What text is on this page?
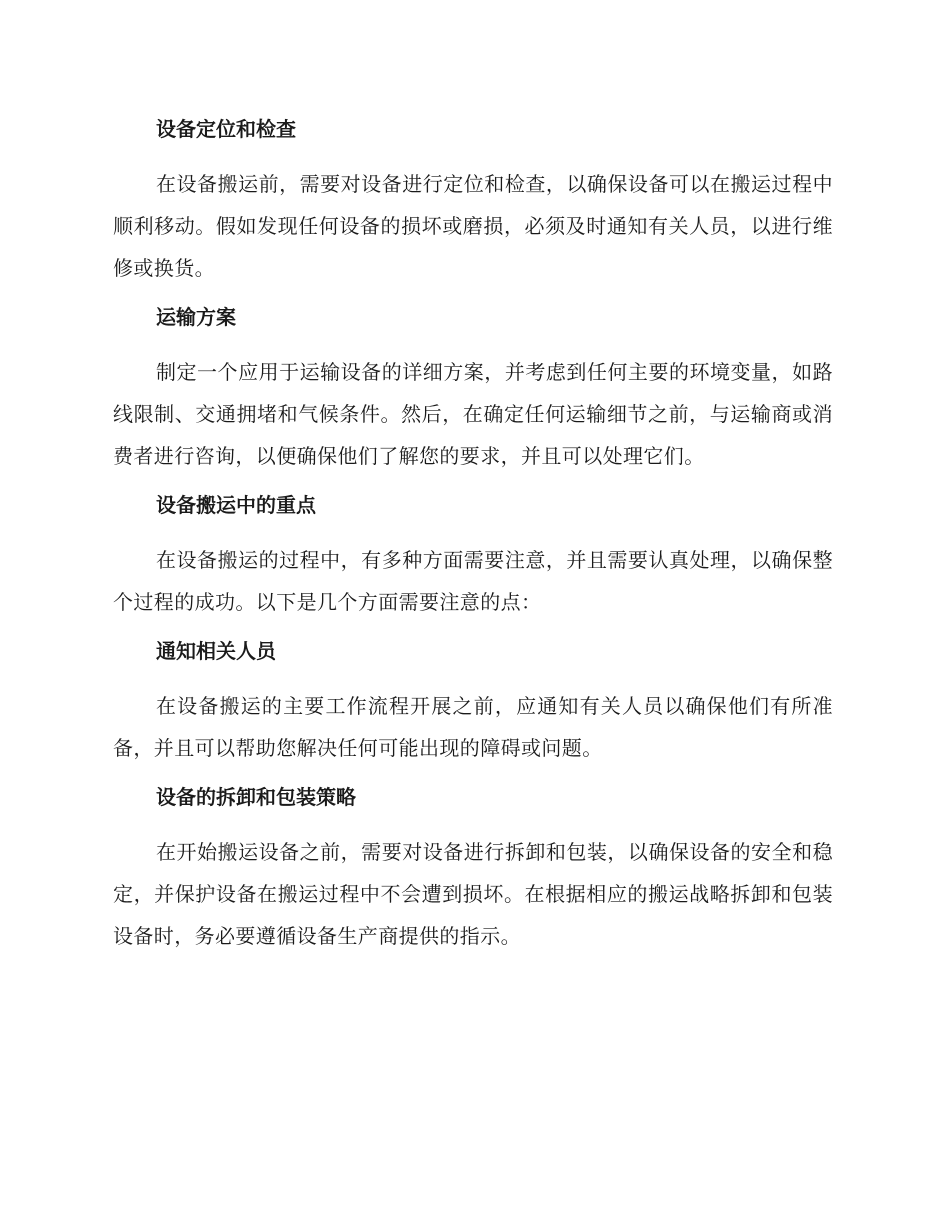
设备定位和检查

在设备搬运前，需要对设备进行定位和检查，以确保设备可以在搬运过程中顺利移动。假如发现任何设备的损坏或磨损，必须及时通知有关人员，以进行维修或换货。

运输方案

制定一个应用于运输设备的详细方案，并考虑到任何主要的环境变量，如路线限制、交通拥堵和气候条件。然后，在确定任何运输细节之前，与运输商或消费者进行咨询，以便确保他们了解您的要求，并且可以处理它们。

设备搬运中的重点

在设备搬运的过程中，有多种方面需要注意，并且需要认真处理，以确保整个过程的成功。以下是几个方面需要注意的点：

通知相关人员

在设备搬运的主要工作流程开展之前，应通知有关人员以确保他们有所准备，并且可以帮助您解决任何可能出现的障碍或问题。

设备的拆卸和包装策略

在开始搬运设备之前，需要对设备进行拆卸和包装，以确保设备的安全和稳定，并保护设备在搬运过程中不会遭到损坏。在根据相应的搬运战略拆卸和包装设备时，务必要遵循设备生产商提供的指示。
